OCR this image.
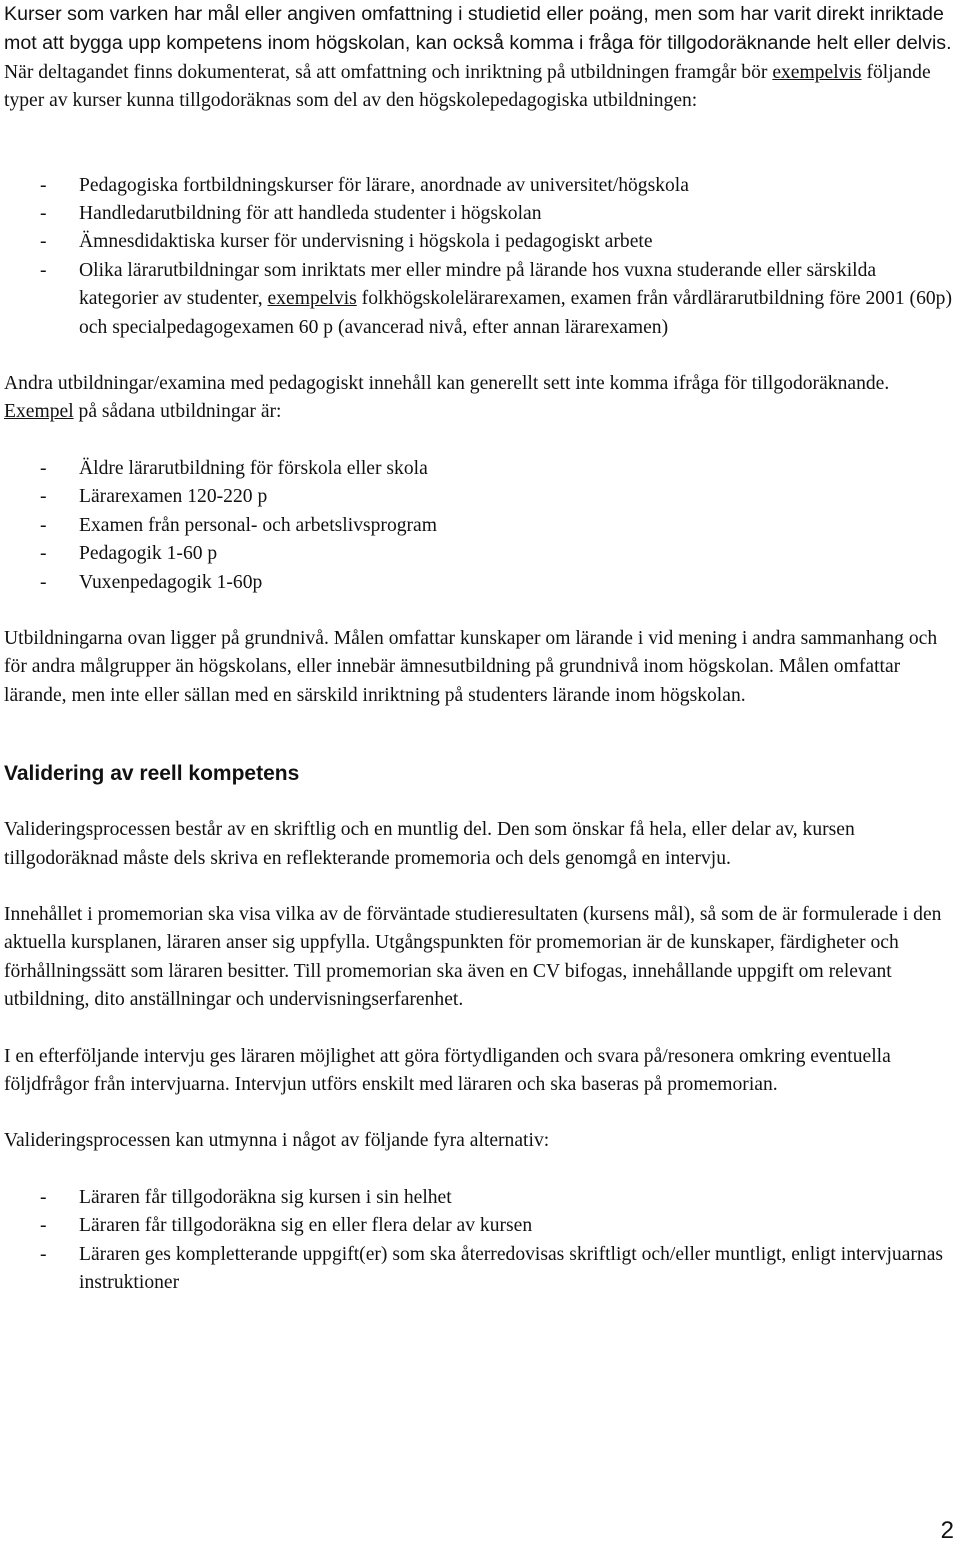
Kurser som varken har mål eller angiven omfattning i studietid eller poäng, men som har varit direkt inriktade mot att bygga upp kompetens inom högskolan, kan också komma i fråga för tillgodoräknande helt eller delvis. När deltagandet finns dokumenterat, så att omfattning och inriktning på utbildningen framgår bör exempelvis följande typer av kurser kunna tillgodoräknas som del av den högskolepedagogiska utbildningen:

- Pedagogiska fortbildningskurser för lärare, anordnade av universitet/högskola
- Handledarutbildning för att handleda studenter i högskolan
- Ämnesdidaktiska kurser för undervisning i högskola i pedagogiskt arbete
- Olika lärarutbildningar som inriktats mer eller mindre på lärande hos vuxna studerande eller särskilda kategorier av studenter, exempelvis folkhögskolelärarexamen, examen från vårdlärarutbildning före 2001 (60p) och specialpedagogexamen 60 p (avancerad nivå, efter annan lärarexamen)

Andra utbildningar/examina med pedagogiskt innehåll kan generellt sett inte komma ifråga för tillgodoräknande. Exempel på sådana utbildningar är:

- Äldre lärarutbildning för förskola eller skola
- Lärarexamen 120-220 p
- Examen från personal- och arbetslivsprogram
- Pedagogik 1-60 p
- Vuxenpedagogik 1-60p

Utbildningarna ovan ligger på grundnivå. Målen omfattar kunskaper om lärande i vid mening i andra sammanhang och för andra målgrupper än högskolans, eller innebär ämnesutbildning på grundnivå inom högskolan. Målen omfattar lärande, men inte eller sällan med en särskild inriktning på studenters lärande inom högskolan.

Validering av reell kompetens

Valideringsprocessen består av en skriftlig och en muntlig del. Den som önskar få hela, eller delar av, kursen tillgodoräknad måste dels skriva en reflekterande promemoria och dels genomgå en intervju.

Innehållet i promemorian ska visa vilka av de förväntade studieresultaten (kursens mål), så som de är formulerade i den aktuella kursplanen, läraren anser sig uppfylla. Utgångspunkten för promemorian är de kunskaper, färdigheter och förhållningssätt som läraren besitter. Till promemorian ska även en CV bifogas, innehållande uppgift om relevant utbildning, dito anställningar och undervisningserfarenhet.

I en efterföljande intervju ges läraren möjlighet att göra förtydliganden och svara på/resonera omkring eventuella följdfrågor från intervjuarna. Intervjun utförs enskilt med läraren och ska baseras på promemorian.

Valideringsprocessen kan utmynna i något av följande fyra alternativ:

- Läraren får tillgodoräkna sig kursen i sin helhet
- Läraren får tillgodoräkna sig en eller flera delar av kursen
- Läraren ges kompletterande uppgift(er) som ska återredovisas skriftligt och/eller muntligt, enligt intervjuarnas instruktioner
2
